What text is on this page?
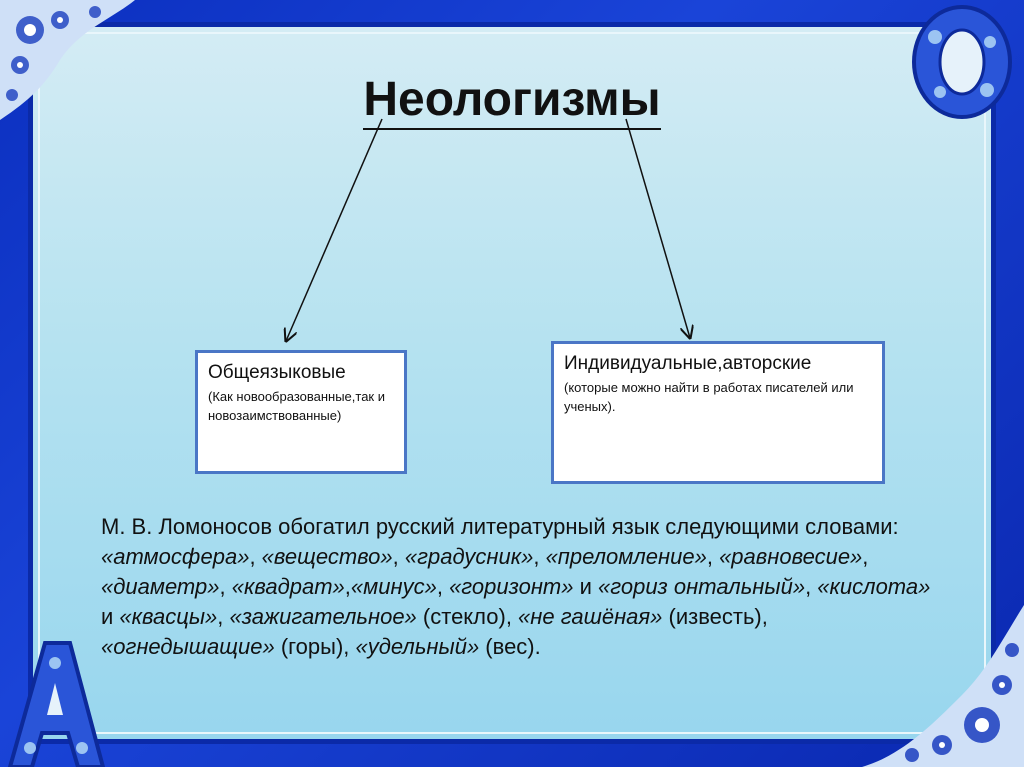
Неологизмы
Общеязыковые
(Как новообразованные,так и новозаимствованные)
Индивидуальные,авторские
(которые можно найти в работах писателей или ученых).
М. В. Ломоносов обогатил русский литературный язык следующими словами: «атмосфера», «вещество», «градусник», «преломление», «равновесие», «диаметр», «квадрат»,«минус», «горизонт» и «гориз онтальный», «кислота» и «квасцы», «зажигательное» (стекло), «не гашёная» (известь), «огнедышащие» (горы), «удельный» (вес).
